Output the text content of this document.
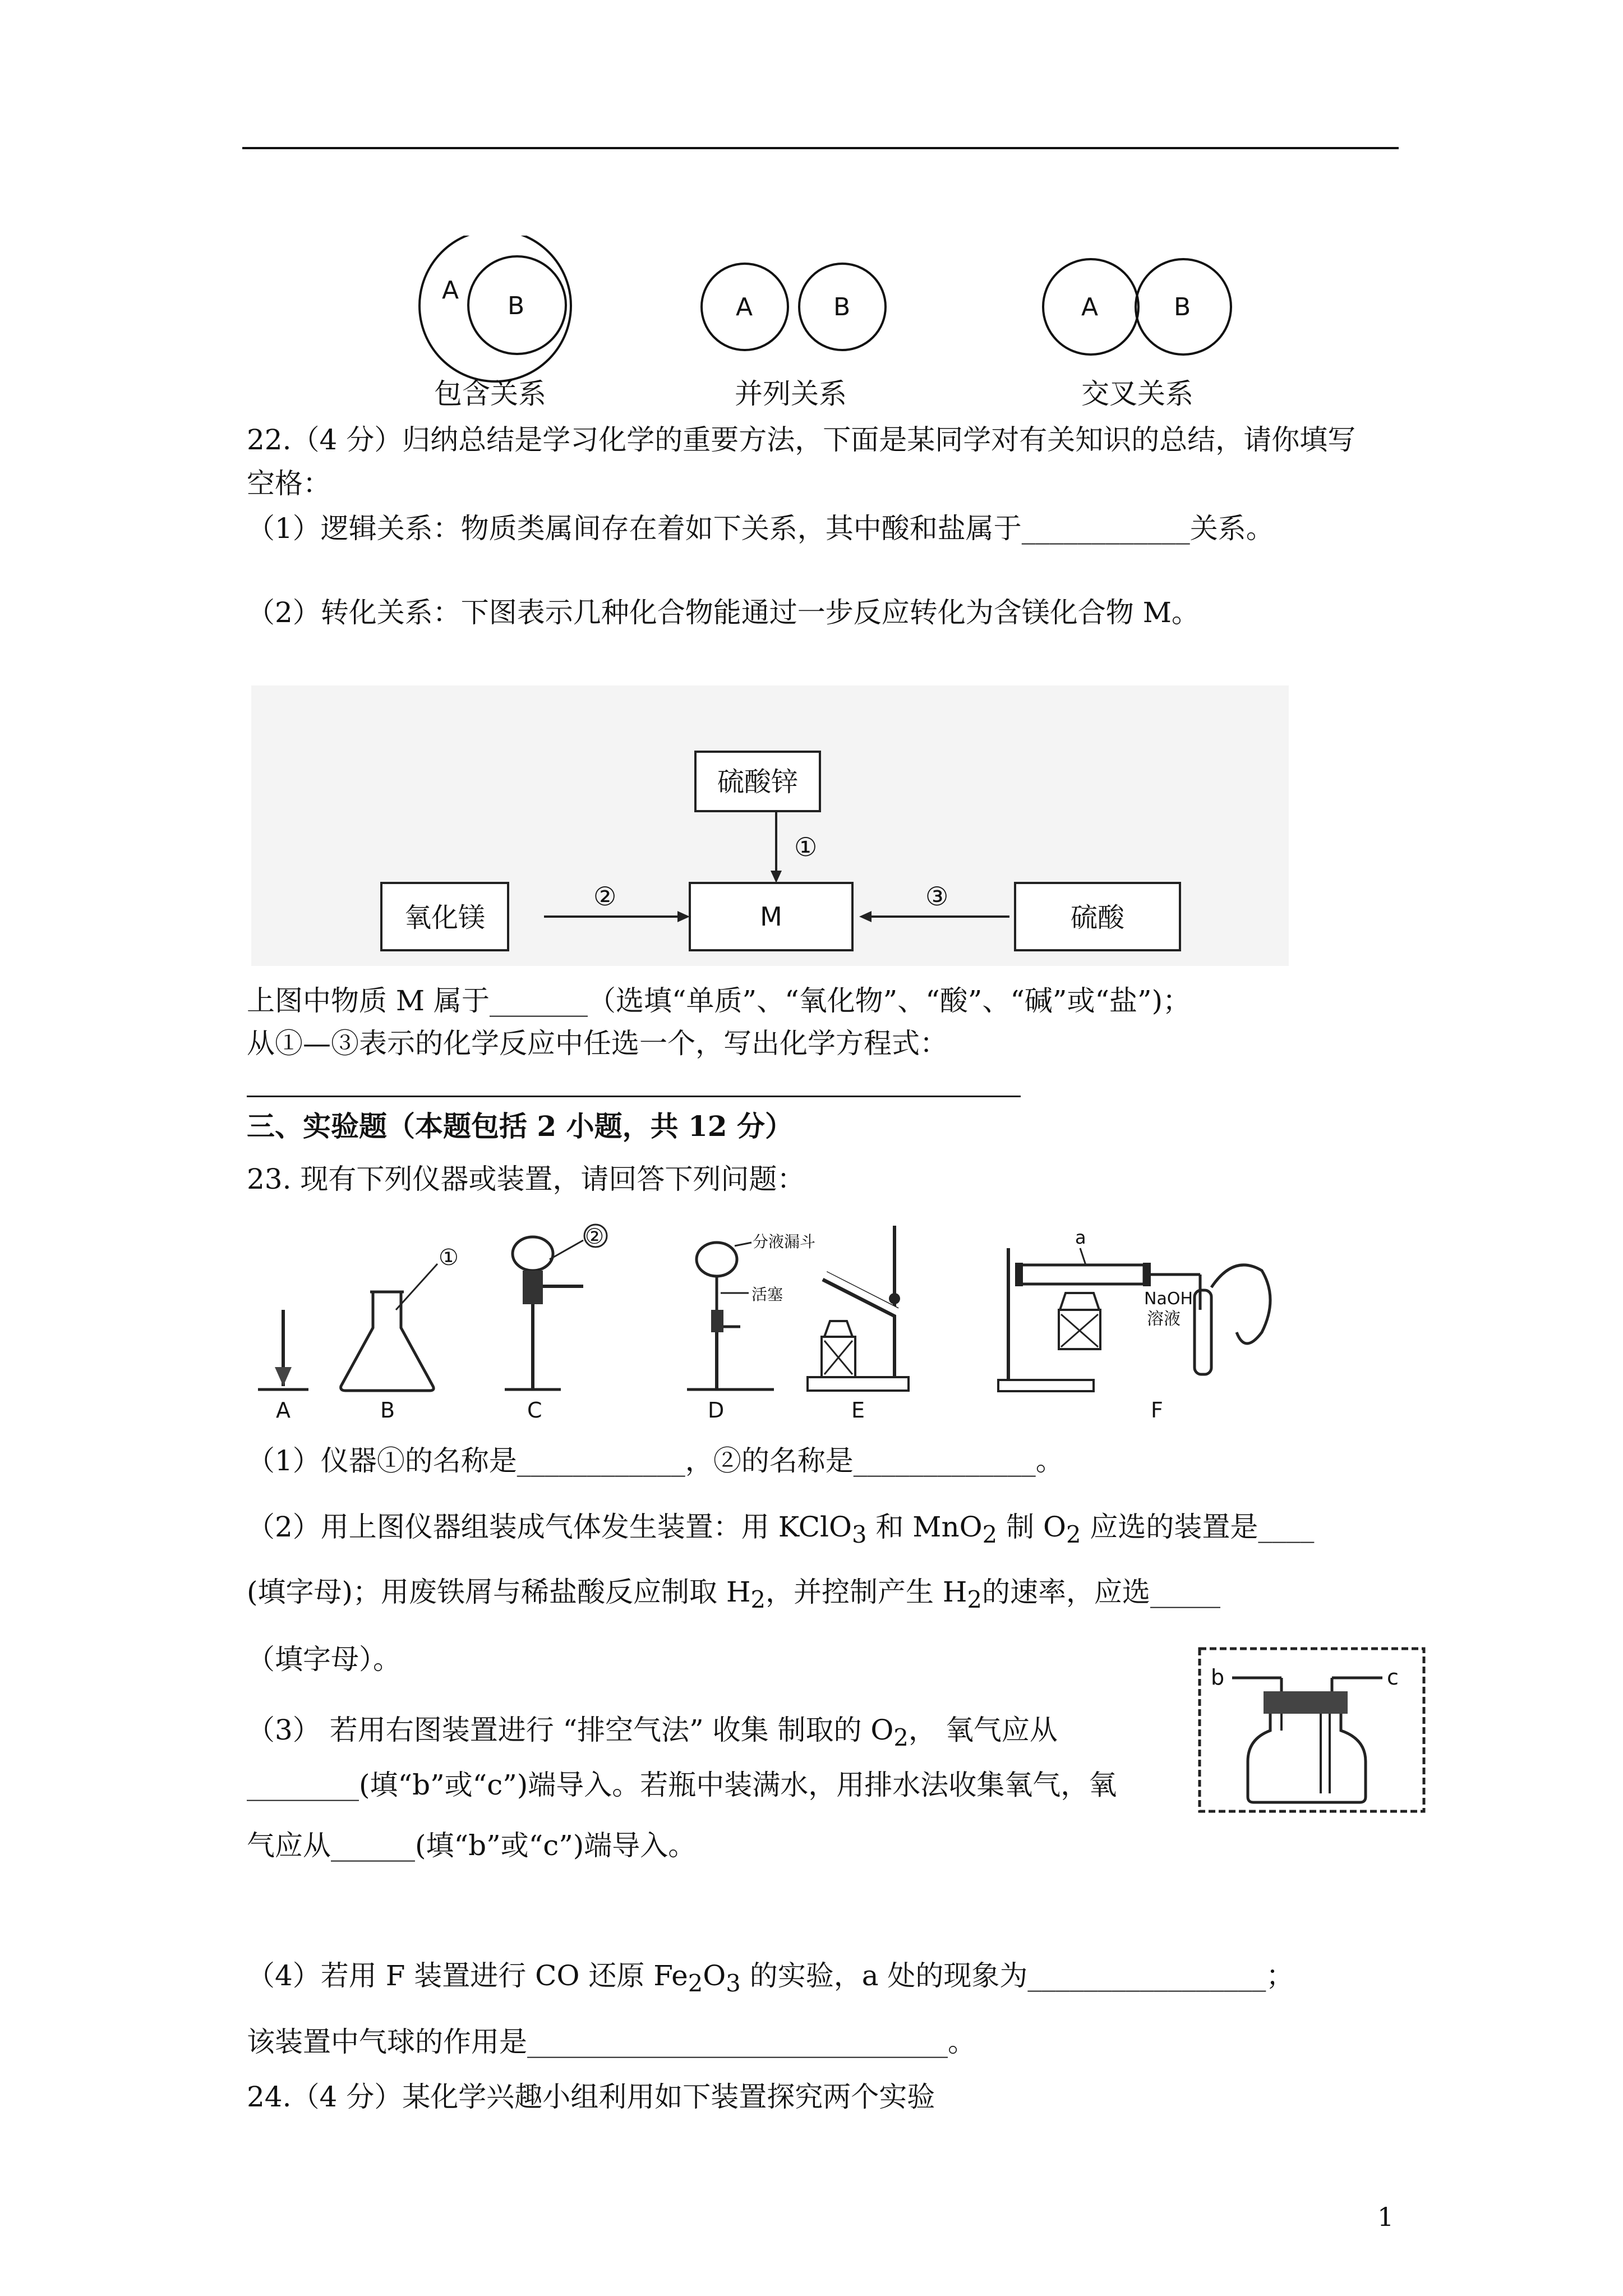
A
B	A	B	A	B
包含关系	并列关系	交叉关系
22.（4 分）归纳总结是学习化学的重要方法，下面是某同学对有关知识的总结，请你填写
空格：
（1）逻辑关系：物质类属间存在着如下关系，其中酸和盐属于____________关系。
（2）转化关系：下图表示几种化合物能通过一步反应转化为含镁化合物 M。
硫酸锌
M
氧化镁	硫酸
①
②	③
上图中物质 M 属于_______（选填“单质”、“氧化物”、“酸”、“碱”或“盐”)；
从①—③表示的化学反应中任选一个，写出化学方程式：
三、实验题（本题包括 2 小题，共 12 分）
23. 现有下列仪器或装置，请回答下列问题：
A
①
B
②
C
分液漏斗
活塞
D	E
a
NaOH
溶液
F
（1）仪器①的名称是____________，②的名称是_____________。
（2）用上图仪器组装成气体发生装置：用 KClO$_3$ 和 MnO$_2$ 制 $O_2$ 应选的装置是____
(填字母)；用废铁屑与稀盐酸反应制取 $H_2$，并控制产生 $H_2$的速率，应选_____
（填字母）。
（3） 若用右图装置进行 “排空气法” 收集 制取的 $O_2$， 氧气应从
________(填“b”或“c”)端导入。若瓶中装满水，用排水法收集氧气，氧
气应从______(填“b”或“c”)端导入。
b	c
（4）若用 F 装置进行 CO 还原 $Fe_2O_3$ 的实验，a 处的现象为_________________；
该装置中气球的作用是______________________________。
24.（4 分）某化学兴趣小组利用如下装置探究两个实验
1
